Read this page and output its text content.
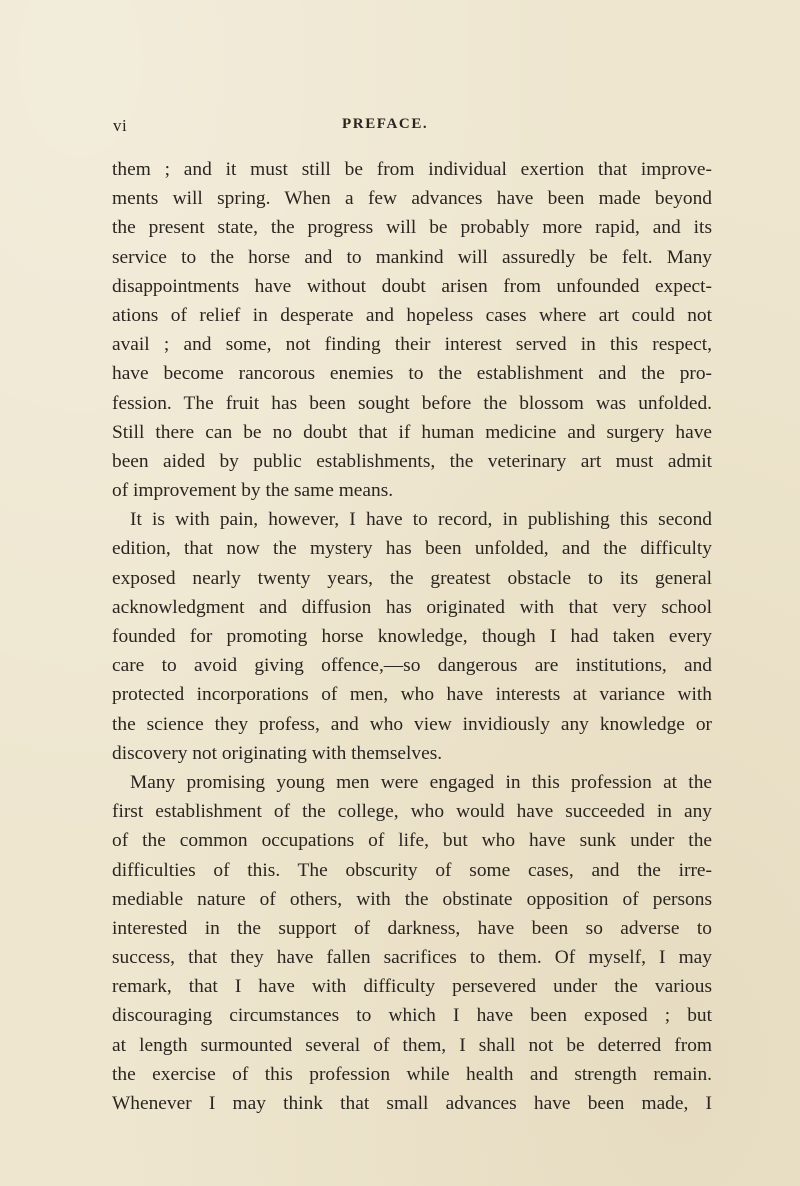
vi	PREFACE.
them ; and it must still be from individual exertion that improve-
ments will spring. When a few advances have been made beyond
the present state, the progress will be probably more rapid, and its
service to the horse and to mankind will assuredly be felt. Many
disappointments have without doubt arisen from unfounded expect-
ations of relief in desperate and hopeless cases where art could not
avail ; and some, not finding their interest served in this respect,
have become rancorous enemies to the establishment and the pro-
fession. The fruit has been sought before the blossom was unfolded.
Still there can be no doubt that if human medicine and surgery have
been aided by public establishments, the veterinary art must admit
of improvement by the same means.
It is with pain, however, I have to record, in publishing this second
edition, that now the mystery has been unfolded, and the difficulty
exposed nearly twenty years, the greatest obstacle to its general
acknowledgment and diffusion has originated with that very school
founded for promoting horse knowledge, though I had taken every
care to avoid giving offence,—so dangerous are institutions, and
protected incorporations of men, who have interests at variance with
the science they profess, and who view invidiously any knowledge or
discovery not originating with themselves.
Many promising young men were engaged in this profession at the
first establishment of the college, who would have succeeded in any
of the common occupations of life, but who have sunk under the
difficulties of this. The obscurity of some cases, and the irre-
mediable nature of others, with the obstinate opposition of persons
interested in the support of darkness, have been so adverse to
success, that they have fallen sacrifices to them. Of myself, I may
remark, that I have with difficulty persevered under the various
discouraging circumstances to which I have been exposed ; but
at length surmounted several of them, I shall not be deterred from
the exercise of this profession while health and strength remain.
Whenever I may think that small advances have been made, I
